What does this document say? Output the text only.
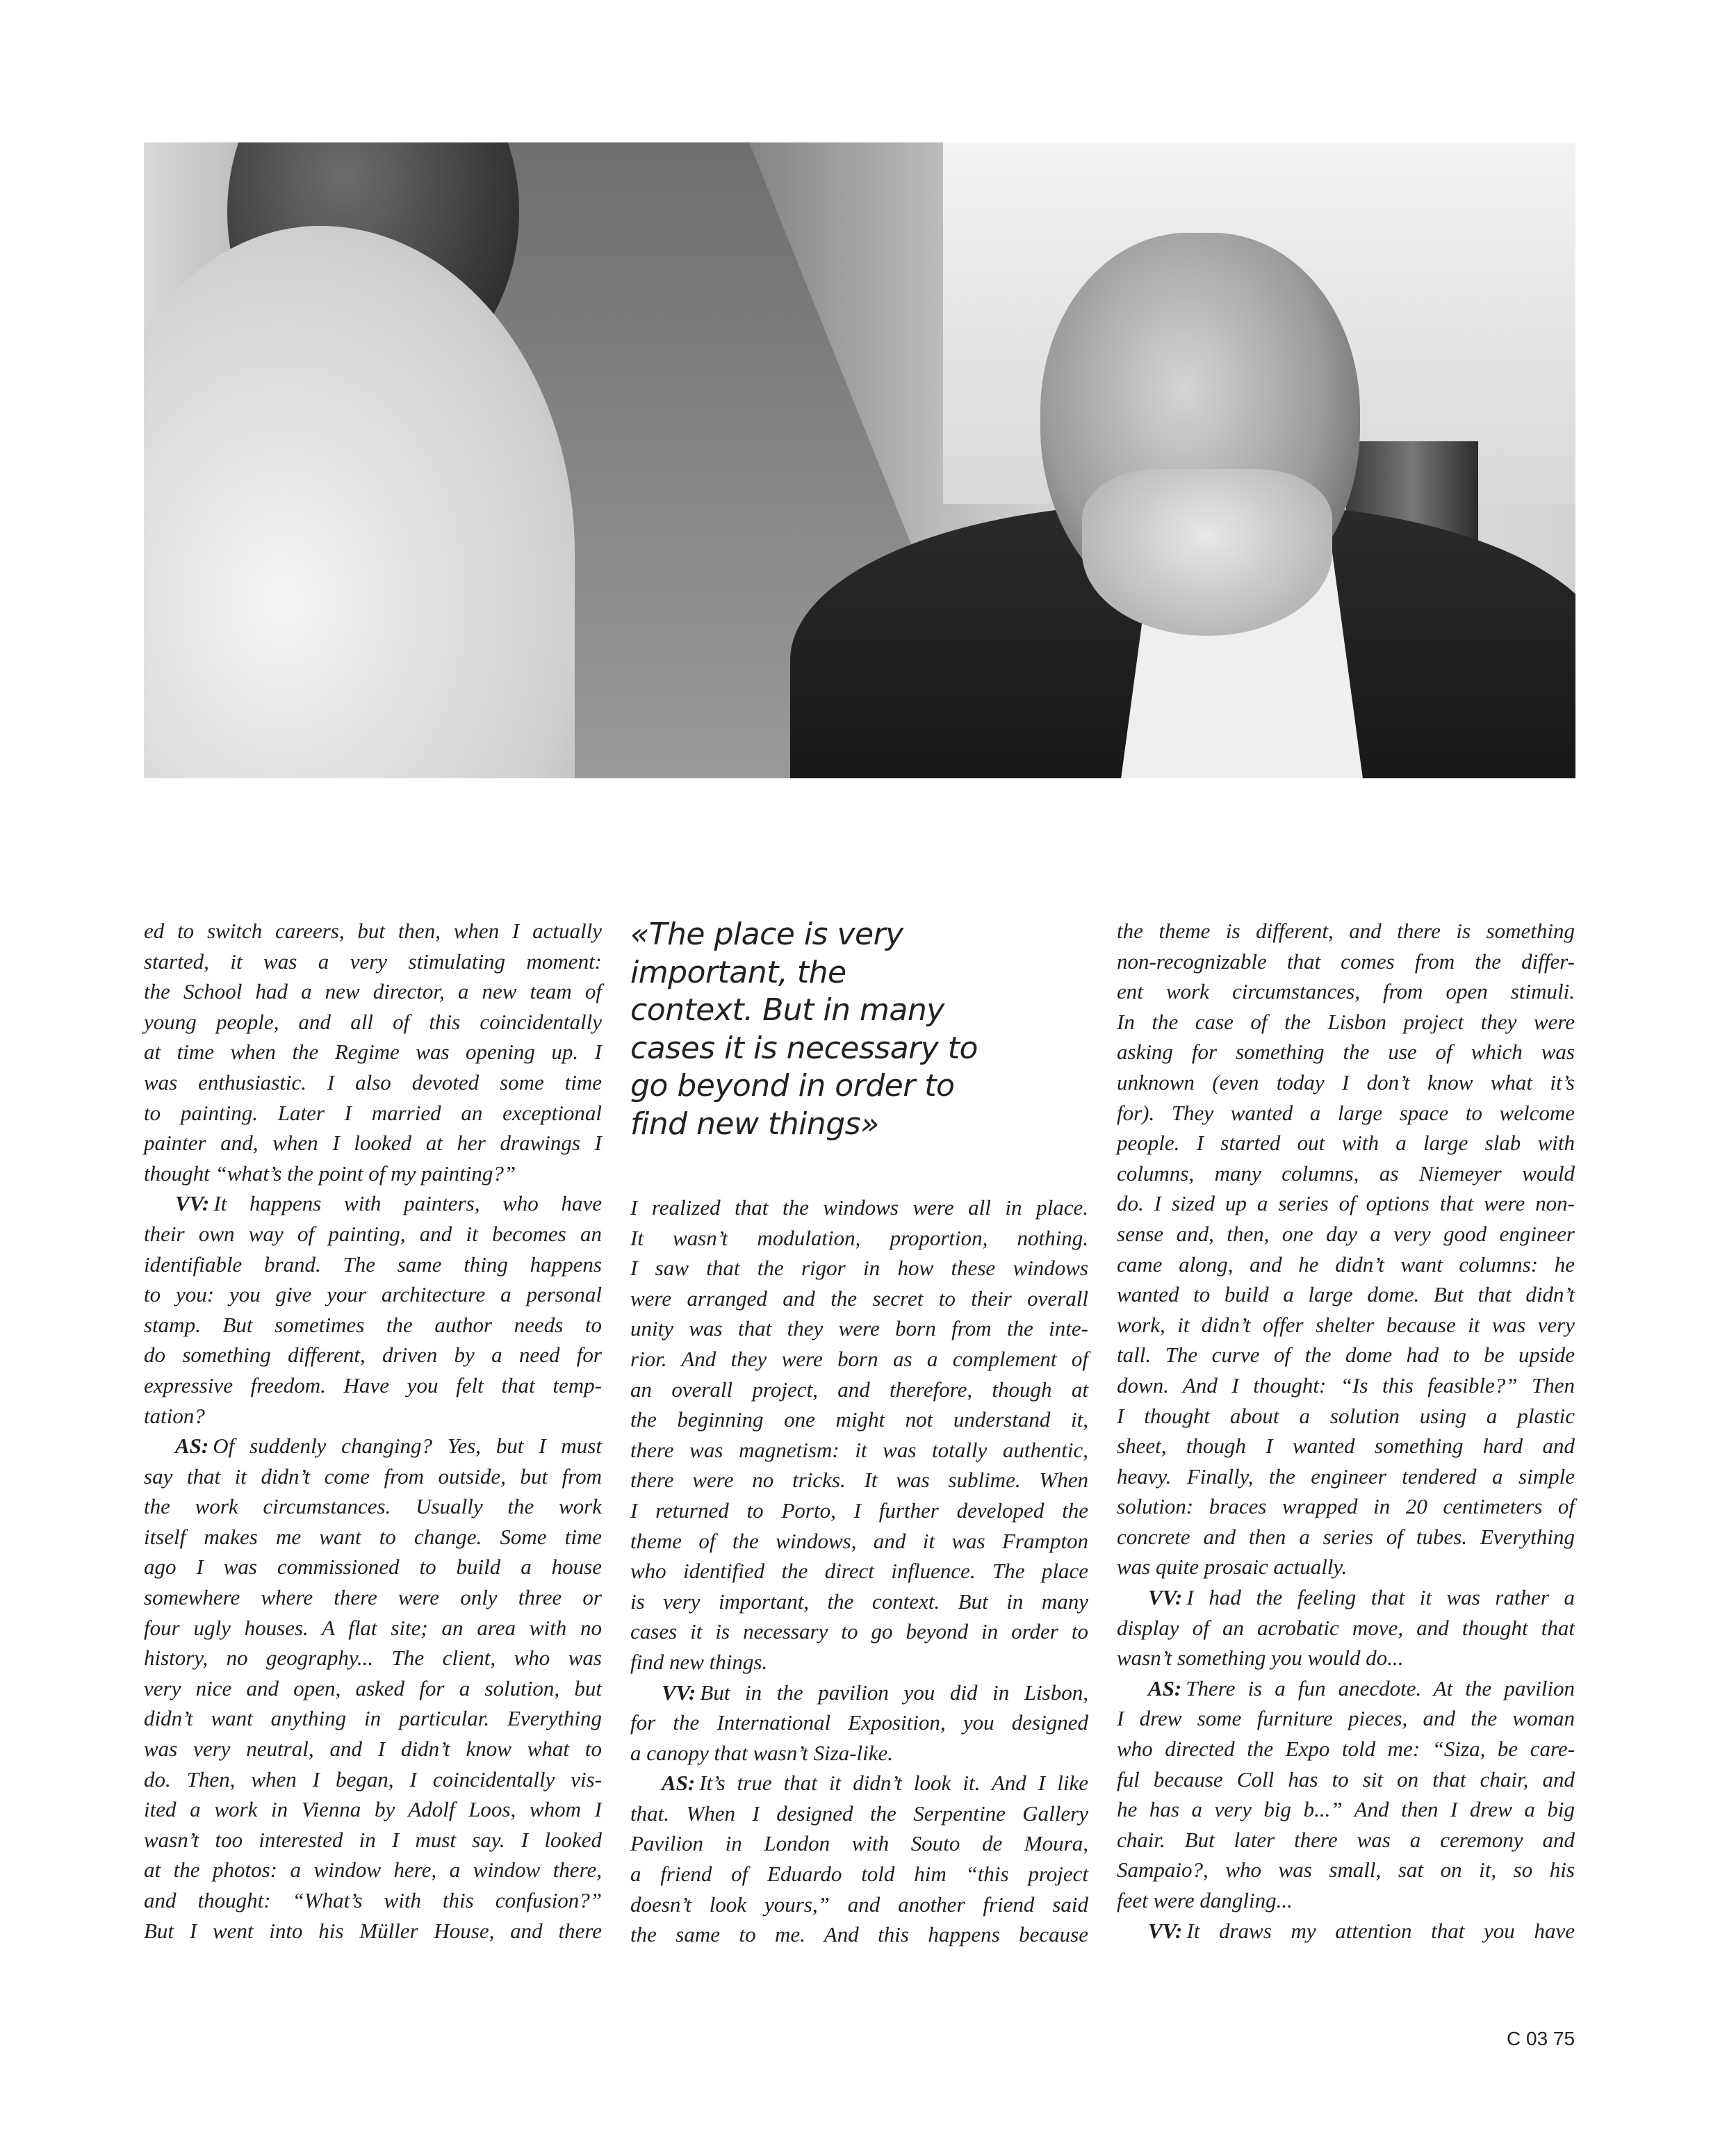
ed to switch careers, but then, when I actually
started, it was a very stimulating moment:
the School had a new director, a new team of
young people, and all of this coincidentally
at time when the Regime was opening up. I
was enthusiastic. I also devoted some time
to painting. Later I married an exceptional
painter and, when I looked at her drawings I
thought “what’s the point of my painting?”
VV: It happens with painters, who have
their own way of painting, and it becomes an
identifiable brand. The same thing happens
to you: you give your architecture a personal
stamp. But sometimes the author needs to
do something different, driven by a need for
expressive freedom. Have you felt that temp-
tation?
AS: Of suddenly changing? Yes, but I must
say that it didn’t come from outside, but from
the work circumstances. Usually the work
itself makes me want to change. Some time
ago I was commissioned to build a house
somewhere where there were only three or
four ugly houses. A flat site; an area with no
history, no geography... The client, who was
very nice and open, asked for a solution, but
didn’t want anything in particular. Everything
was very neutral, and I didn’t know what to
do. Then, when I began, I coincidentally vis-
ited a work in Vienna by Adolf Loos, whom I
wasn’t too interested in I must say. I looked
at the photos: a window here, a window there,
and thought: “What’s with this confusion?”
But I went into his Müller House, and there
«The place is very
important, the
context. But in many
cases it is necessary to
go beyond in order to
find new things»
I realized that the windows were all in place.
It wasn’t modulation, proportion, nothing.
I saw that the rigor in how these windows
were arranged and the secret to their overall
unity was that they were born from the inte-
rior. And they were born as a complement of
an overall project, and therefore, though at
the beginning one might not understand it,
there was magnetism: it was totally authentic,
there were no tricks. It was sublime. When
I returned to Porto, I further developed the
theme of the windows, and it was Frampton
who identified the direct influence. The place
is very important, the context. But in many
cases it is necessary to go beyond in order to
find new things.
VV: But in the pavilion you did in Lisbon,
for the International Exposition, you designed
a canopy that wasn’t Siza-like.
AS: It’s true that it didn’t look it. And I like
that. When I designed the Serpentine Gallery
Pavilion in London with Souto de Moura,
a friend of Eduardo told him “this project
doesn’t look yours,” and another friend said
the same to me. And this happens because
the theme is different, and there is something
non-recognizable that comes from the differ-
ent work circumstances, from open stimuli.
In the case of the Lisbon project they were
asking for something the use of which was
unknown (even today I don’t know what it’s
for). They wanted a large space to welcome
people. I started out with a large slab with
columns, many columns, as Niemeyer would
do. I sized up a series of options that were non-
sense and, then, one day a very good engineer
came along, and he didn’t want columns: he
wanted to build a large dome. But that didn’t
work, it didn’t offer shelter because it was very
tall. The curve of the dome had to be upside
down. And I thought: “Is this feasible?” Then
I thought about a solution using a plastic
sheet, though I wanted something hard and
heavy. Finally, the engineer tendered a simple
solution: braces wrapped in 20 centimeters of
concrete and then a series of tubes. Everything
was quite prosaic actually.
VV: I had the feeling that it was rather a
display of an acrobatic move, and thought that
wasn’t something you would do...
AS: There is a fun anecdote. At the pavilion
I drew some furniture pieces, and the woman
who directed the Expo told me: “Siza, be care-
ful because Coll has to sit on that chair, and
he has a very big b...” And then I drew a big
chair. But later there was a ceremony and
Sampaio?, who was small, sat on it, so his
feet were dangling...
VV: It draws my attention that you have
C 03 75
